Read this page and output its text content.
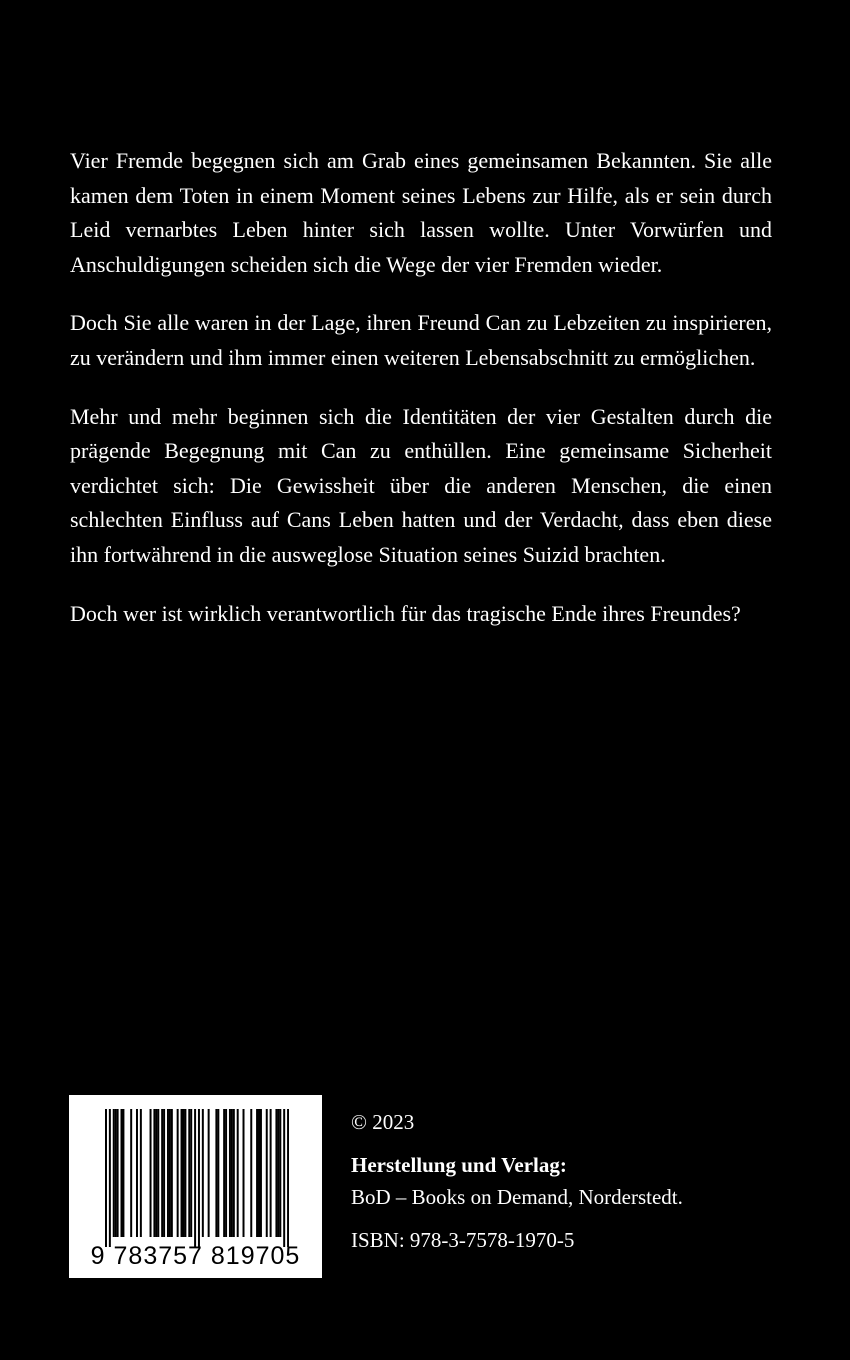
Vier Fremde begegnen sich am Grab eines gemeinsamen Bekannten. Sie alle kamen dem Toten in einem Moment seines Lebens zur Hilfe, als er sein durch Leid vernarbtes Leben hinter sich lassen wollte. Unter Vorwürfen und Anschuldigungen scheiden sich die Wege der vier Fremden wieder.

Doch Sie alle waren in der Lage, ihren Freund Can zu Lebzeiten zu inspirieren, zu verändern und ihm immer einen weiteren Lebensabschnitt zu ermöglichen.

Mehr und mehr beginnen sich die Identitäten der vier Gestalten durch die prägende Begegnung mit Can zu enthüllen. Eine gemeinsame Sicherheit verdichtet sich: Die Gewissheit über die anderen Menschen, die einen schlechten Einfluss auf Cans Leben hatten und der Verdacht, dass eben diese ihn fortwährend in die ausweglose Situation seines Suizid brachten.

Doch wer ist wirklich verantwortlich für das tragische Ende ihres Freundes?

9 783757 819705
© 2023
Herstellung und Verlag:
BoD – Books on Demand, Norderstedt.
ISBN: 978-3-7578-1970-5
